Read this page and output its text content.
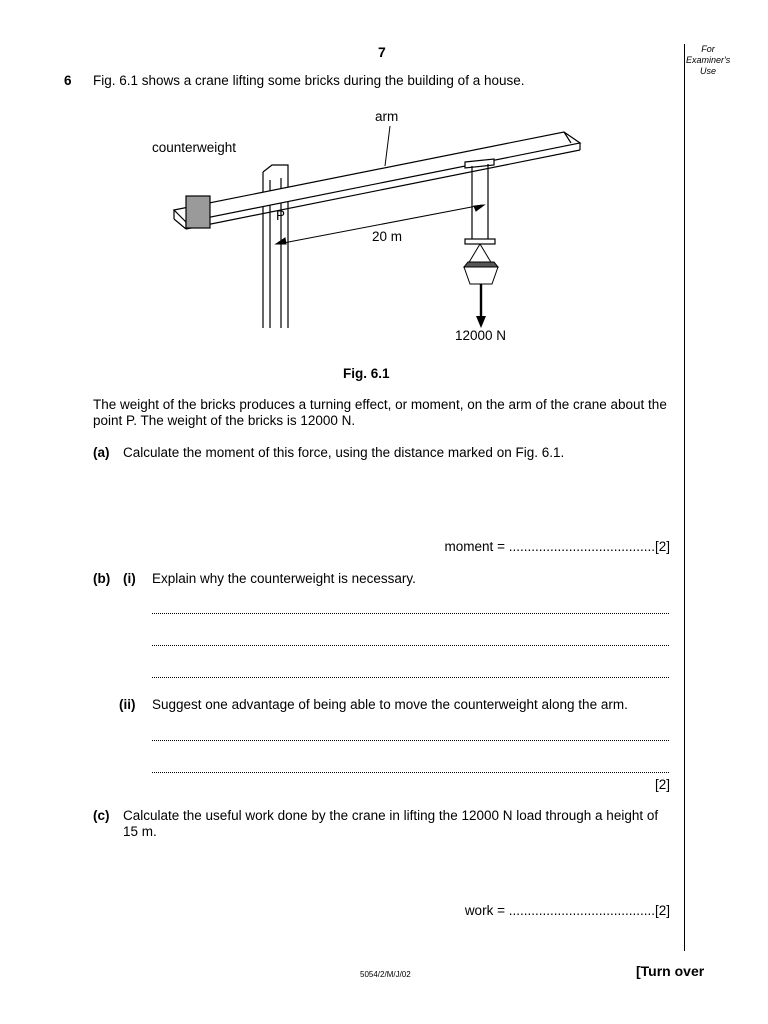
For Examiner's Use
7
6 Fig. 6.1 shows a crane lifting some bricks during the building of a house.
arm
counterweight
P
20 m
12000 N
Fig. 6.1
The weight of the bricks produces a turning effect, or moment, on the arm of the crane about the point P. The weight of the bricks is 12000 N.
(a) Calculate the moment of this force, using the distance marked on Fig. 6.1.
moment = .......................................[2]
(b) (i) Explain why the counterweight is necessary.
(ii) Suggest one advantage of being able to move the counterweight along the arm.
[2]
(c) Calculate the useful work done by the crane in lifting the 12000 N load through a height of 15 m.
work = .......................................[2]
5054/2/M/J/02	[Turn over
